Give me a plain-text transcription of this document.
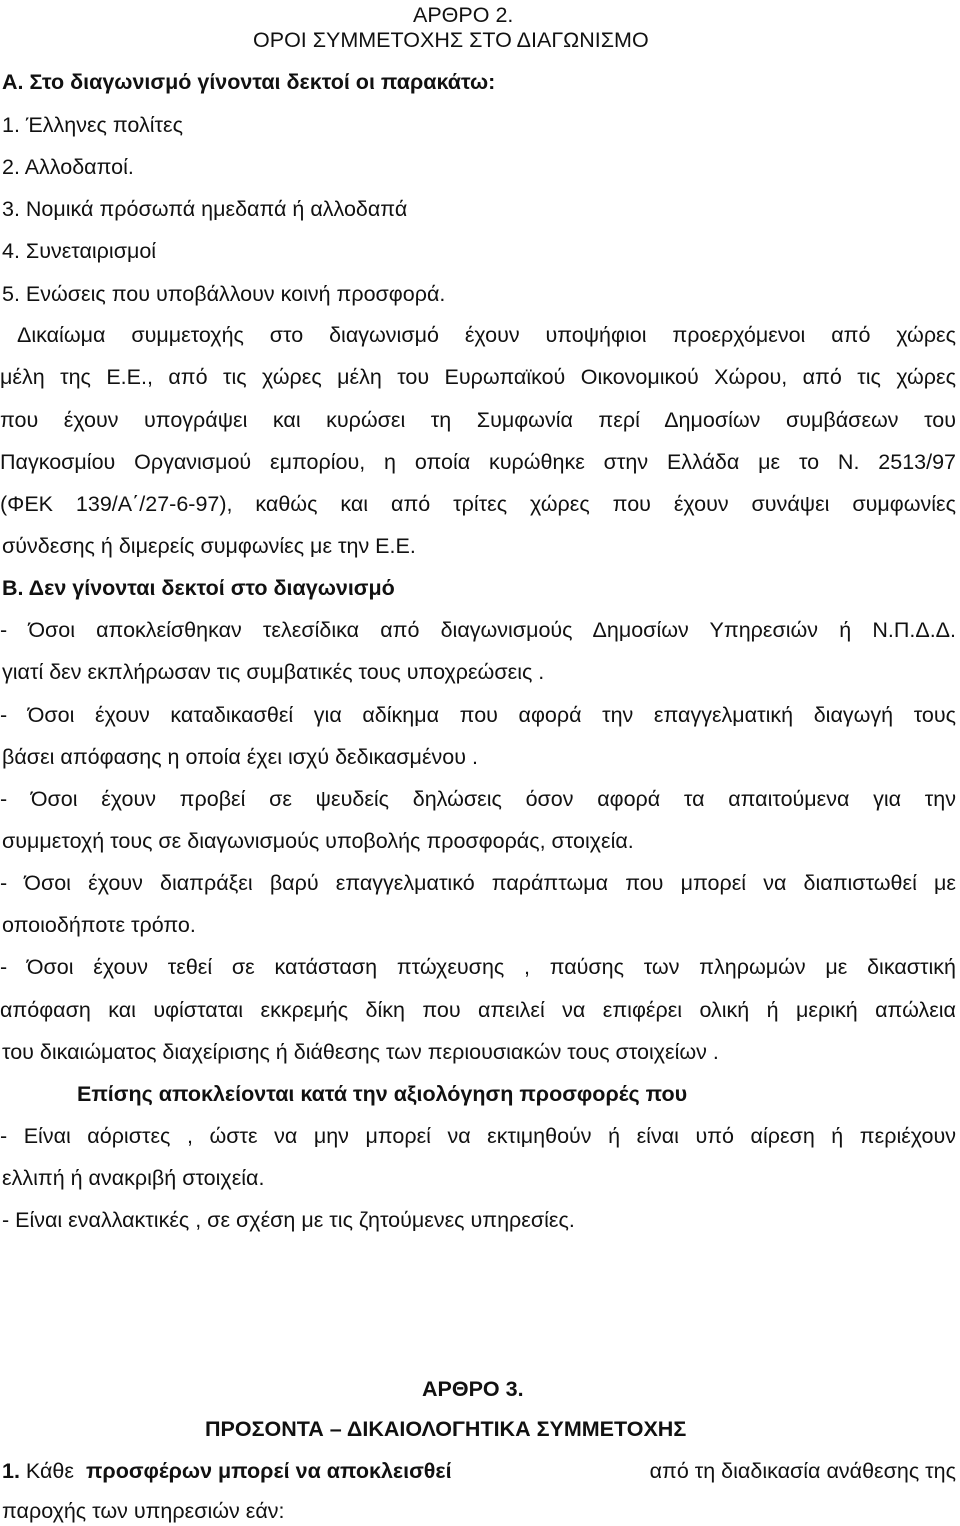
ΑΡΘΡΟ 2.
ΟΡΟΙ ΣΥΜΜΕΤΟΧΗΣ ΣΤΟ ΔΙΑΓΩΝΙΣΜΟ
Α. Στο διαγωνισμό γίνονται δεκτοί οι παρακάτω:
1. Έλληνες πολίτες
2. Αλλοδαποί.
3. Νομικά πρόσωπά ημεδαπά ή αλλοδαπά
4. Συνεταιρισμοί
5. Ενώσεις που υποβάλλουν κοινή προσφορά.
Δικαίωμα συμμετοχής στο διαγωνισμό έχουν υποψήφιοι προερχόμενοι από χώρες
μέλη της Ε.Ε., από τις χώρες μέλη του Ευρωπαϊκού Οικονομικού Χώρου, από τις χώρες
που έχουν υπογράψει και κυρώσει τη Συμφωνία περί Δημοσίων συμβάσεων του
Παγκοσμίου Οργανισμού εμπορίου, η οποία κυρώθηκε στην Ελλάδα με το Ν. 2513/97
(ΦΕΚ 139/Α΄/27-6-97), καθώς και από τρίτες χώρες που έχουν συνάψει συμφωνίες
σύνδεσης ή διμερείς συμφωνίες με την Ε.Ε.
Β. Δεν γίνονται δεκτοί στο διαγωνισμό
- Όσοι αποκλείσθηκαν τελεσίδικα από διαγωνισμούς Δημοσίων Υπηρεσιών ή Ν.Π.Δ.Δ.
γιατί δεν εκπλήρωσαν τις συμβατικές τους υποχρεώσεις .
- Όσοι έχουν καταδικασθεί για αδίκημα που αφορά την επαγγελματική διαγωγή τους
βάσει απόφασης η οποία έχει ισχύ δεδικασμένου .
- Όσοι έχουν προβεί σε ψευδείς δηλώσεις όσον αφορά τα απαιτούμενα για την
συμμετοχή τους σε διαγωνισμούς υποβολής προσφοράς, στοιχεία.
- Όσοι έχουν διαπράξει βαρύ επαγγελματικό παράπτωμα που μπορεί να διαπιστωθεί με
οποιοδήποτε τρόπο.
- Όσοι έχουν τεθεί σε κατάσταση πτώχευσης , παύσης των πληρωμών με δικαστική
απόφαση και υφίσταται εκκρεμής δίκη που απειλεί να επιφέρει ολική ή μερική απώλεια
του δικαιώματος διαχείρισης ή διάθεσης των περιουσιακών τους στοιχείων .
Επίσης αποκλείονται κατά την αξιολόγηση προσφορές που
- Είναι αόριστες , ώστε να μην μπορεί να εκτιμηθούν ή είναι υπό αίρεση ή περιέχουν
ελλιπή ή ανακριβή στοιχεία.
- Είναι εναλλακτικές , σε σχέση με τις ζητούμενες υπηρεσίες.
ΑΡΘΡΟ 3.
ΠΡΟΣΟΝΤΑ – ΔΙΚΑΙΟΛΟΓΗΤΙΚΑ ΣΥΜΜΕΤΟΧΗΣ
1. Κάθε προσφέρων μπορεί να αποκλεισθεί	από τη διαδικασία ανάθεσης της
παροχής των υπηρεσιών εάν:
